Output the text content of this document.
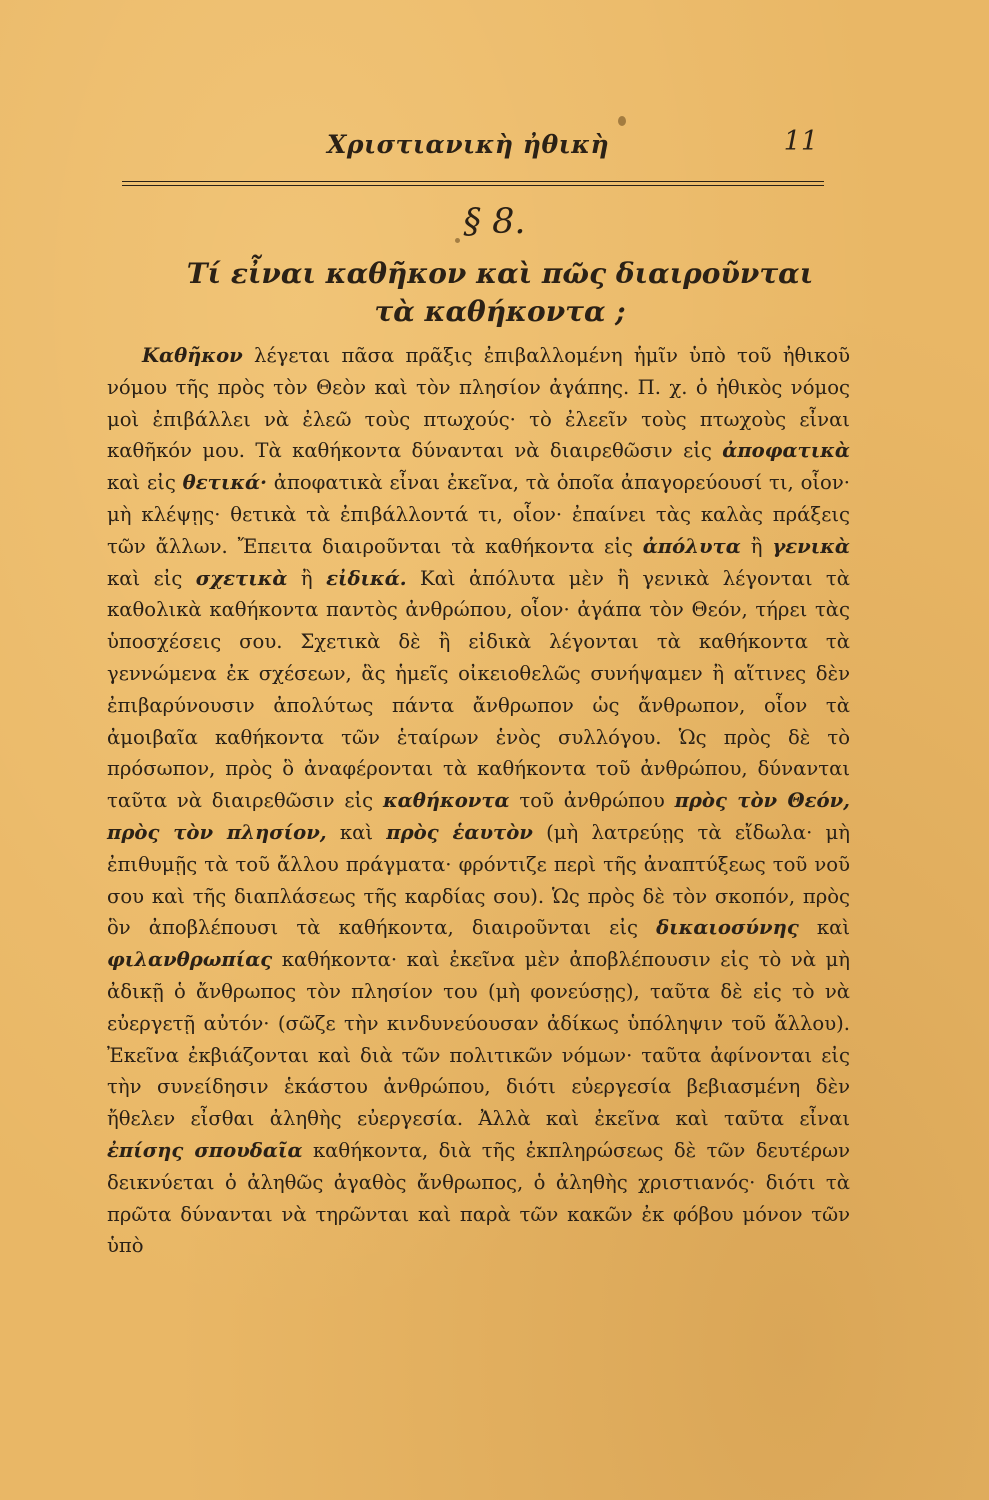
Χριστιανικὴ ἠθικὴ	11
§ 8.
Τί εἶναι καθῆκον καὶ πῶς διαιροῦνται
τὰ καθήκοντα ;

Καθῆκον λέγεται πᾶσα πρᾶξις ἐπιβαλλομένη ἡμῖν ὑπὸ τοῦ ἠθικοῦ νόμου τῆς πρὸς τὸν Θεὸν καὶ τὸν πλησίον ἀγάπης. Π. χ. ὁ ἠθικὸς νόμος μοὶ ἐπιβάλλει νὰ ἐλεῶ τοὺς πτωχούς· τὸ ἐλεεῖν τοὺς πτωχοὺς εἶναι καθῆκόν μου. Τὰ καθήκοντα δύνανται νὰ διαιρεθῶσιν εἰς ἀποφατικὰ καὶ εἰς θετικά· ἀποφατικὰ εἶναι ἐκεῖνα, τὰ ὁποῖα ἀπαγορεύουσί τι, οἷον· μὴ κλέψῃς· θετικὰ τὰ ἐπιβάλλοντά τι, οἷον· ἐπαίνει τὰς καλὰς πράξεις τῶν ἄλλων. Ἔπειτα διαιροῦνται τὰ καθήκοντα εἰς ἀπόλυτα ἢ γενικὰ καὶ εἰς σχετικὰ ἢ εἰδικά. Καὶ ἀπόλυτα μὲν ἢ γενικὰ λέγονται τὰ καθολικὰ καθήκοντα παντὸς ἀνθρώπου, οἷον· ἀγάπα τὸν Θεόν, τήρει τὰς ὑποσχέσεις σου. Σχετικὰ δὲ ἢ εἰδικὰ λέγονται τὰ καθήκοντα τὰ γεννώμενα ἐκ σχέσεων, ἃς ἡμεῖς οἰκειοθελῶς συνήψαμεν ἢ αἵτινες δὲν ἐπιβαρύνουσιν ἀπολύτως πάντα ἄνθρωπον ὡς ἄνθρωπον, οἷον τὰ ἀμοιβαῖα καθήκοντα τῶν ἑταίρων ἑνὸς συλλόγου. Ὡς πρὸς δὲ τὸ πρόσωπον, πρὸς ὃ ἀναφέρονται τὰ καθήκοντα τοῦ ἀνθρώπου, δύνανται ταῦτα νὰ διαιρεθῶσιν εἰς καθήκοντα τοῦ ἀνθρώπου πρὸς τὸν Θεόν, πρὸς τὸν πλησίον, καὶ πρὸς ἑαυτὸν (μὴ λατρεύῃς τὰ εἴδωλα· μὴ ἐπιθυμῇς τὰ τοῦ ἄλλου πράγματα· φρόντιζε περὶ τῆς ἀναπτύξεως τοῦ νοῦ σου καὶ τῆς διαπλάσεως τῆς καρδίας σου). Ὡς πρὸς δὲ τὸν σκοπόν, πρὸς ὃν ἀποβλέπουσι τὰ καθήκοντα, διαιροῦνται εἰς δικαιοσύνης καὶ φιλανθρωπίας καθήκοντα· καὶ ἐκεῖνα μὲν ἀποβλέπουσιν εἰς τὸ νὰ μὴ ἀδικῇ ὁ ἄνθρωπος τὸν πλησίον του (μὴ φονεύσῃς), ταῦτα δὲ εἰς τὸ νὰ εὐεργετῇ αὐτόν· (σῶζε τὴν κινδυνεύουσαν ἀδίκως ὑπόληψιν τοῦ ἄλλου). Ἐκεῖνα ἐκβιάζονται καὶ διὰ τῶν πολιτικῶν νόμων· ταῦτα ἀφίνονται εἰς τὴν συνείδησιν ἑκάστου ἀνθρώπου, διότι εὐεργεσία βεβιασμένη δὲν ἤθελεν εἶσθαι ἀληθὴς εὐεργεσία. Ἀλλὰ καὶ ἐκεῖνα καὶ ταῦτα εἶναι ἐπίσης σπουδαῖα καθήκοντα, διὰ τῆς ἐκπληρώσεως δὲ τῶν δευτέρων δεικνύεται ὁ ἀληθῶς ἀγαθὸς ἄνθρωπος, ὁ ἀληθὴς χριστιανός· διότι τὰ πρῶτα δύνανται νὰ τηρῶνται καὶ παρὰ τῶν κακῶν ἐκ φόβου μόνον τῶν ὑπὸ
